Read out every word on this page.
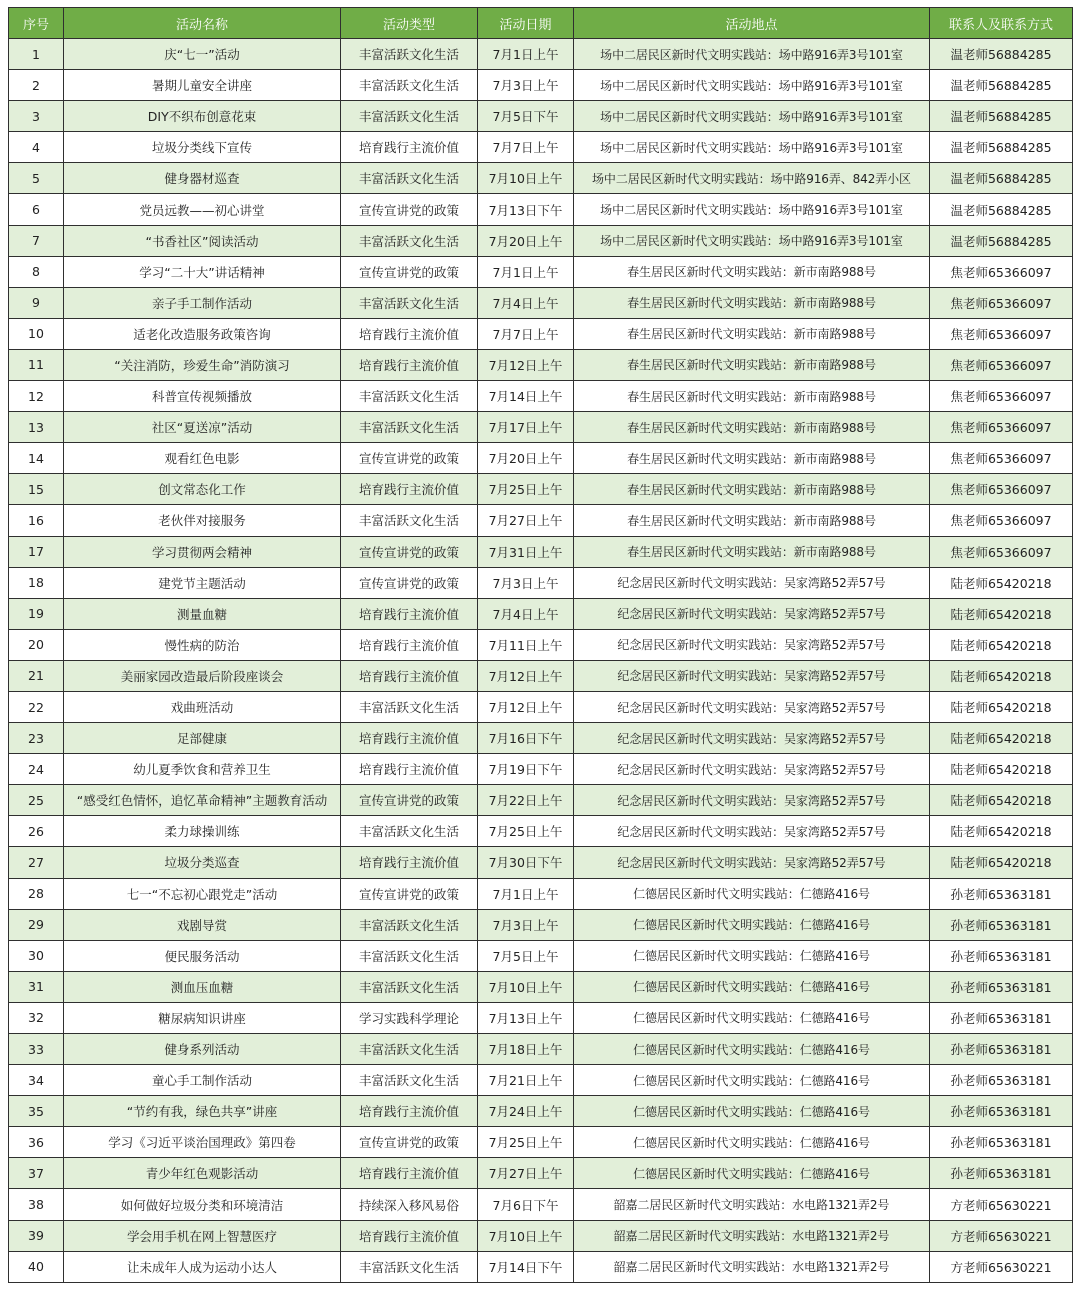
序号	活动名称	活动类型	活动日期	活动地点	联系人及联系方式
1	庆“七一”活动	丰富活跃文化生活	7月1日上午	场中二居民区新时代文明实践站：场中路916弄3号101室	温老师56884285
2	暑期儿童安全讲座	丰富活跃文化生活	7月3日上午	场中二居民区新时代文明实践站：场中路916弄3号101室	温老师56884285
3	DIY不织布创意花束	丰富活跃文化生活	7月5日下午	场中二居民区新时代文明实践站：场中路916弄3号101室	温老师56884285
4	垃圾分类线下宣传	培育践行主流价值	7月7日上午	场中二居民区新时代文明实践站：场中路916弄3号101室	温老师56884285
5	健身器材巡查	丰富活跃文化生活	7月10日上午	场中二居民区新时代文明实践站：场中路916弄、842弄小区	温老师56884285
6	党员远教——初心讲堂	宣传宣讲党的政策	7月13日下午	场中二居民区新时代文明实践站：场中路916弄3号101室	温老师56884285
7	“书香社区”阅读活动	丰富活跃文化生活	7月20日上午	场中二居民区新时代文明实践站：场中路916弄3号101室	温老师56884285
8	学习“二十大”讲话精神	宣传宣讲党的政策	7月1日上午	春生居民区新时代文明实践站：新市南路988号	焦老师65366097
9	亲子手工制作活动	丰富活跃文化生活	7月4日上午	春生居民区新时代文明实践站：新市南路988号	焦老师65366097
10	适老化改造服务政策咨询	培育践行主流价值	7月7日上午	春生居民区新时代文明实践站：新市南路988号	焦老师65366097
11	“关注消防，珍爱生命”消防演习	培育践行主流价值	7月12日上午	春生居民区新时代文明实践站：新市南路988号	焦老师65366097
12	科普宣传视频播放	丰富活跃文化生活	7月14日上午	春生居民区新时代文明实践站：新市南路988号	焦老师65366097
13	社区“夏送凉”活动	丰富活跃文化生活	7月17日上午	春生居民区新时代文明实践站：新市南路988号	焦老师65366097
14	观看红色电影	宣传宣讲党的政策	7月20日上午	春生居民区新时代文明实践站：新市南路988号	焦老师65366097
15	创文常态化工作	培育践行主流价值	7月25日上午	春生居民区新时代文明实践站：新市南路988号	焦老师65366097
16	老伙伴对接服务	丰富活跃文化生活	7月27日上午	春生居民区新时代文明实践站：新市南路988号	焦老师65366097
17	学习贯彻两会精神	宣传宣讲党的政策	7月31日上午	春生居民区新时代文明实践站：新市南路988号	焦老师65366097
18	建党节主题活动	宣传宣讲党的政策	7月3日上午	纪念居民区新时代文明实践站：吴家湾路52弄57号	陆老师65420218
19	测量血糖	培育践行主流价值	7月4日上午	纪念居民区新时代文明实践站：吴家湾路52弄57号	陆老师65420218
20	慢性病的防治	培育践行主流价值	7月11日上午	纪念居民区新时代文明实践站：吴家湾路52弄57号	陆老师65420218
21	美丽家园改造最后阶段座谈会	培育践行主流价值	7月12日上午	纪念居民区新时代文明实践站：吴家湾路52弄57号	陆老师65420218
22	戏曲班活动	丰富活跃文化生活	7月12日上午	纪念居民区新时代文明实践站：吴家湾路52弄57号	陆老师65420218
23	足部健康	培育践行主流价值	7月16日下午	纪念居民区新时代文明实践站：吴家湾路52弄57号	陆老师65420218
24	幼儿夏季饮食和营养卫生	培育践行主流价值	7月19日下午	纪念居民区新时代文明实践站：吴家湾路52弄57号	陆老师65420218
25	“感受红色情怀，追忆革命精神”主题教育活动	宣传宣讲党的政策	7月22日上午	纪念居民区新时代文明实践站：吴家湾路52弄57号	陆老师65420218
26	柔力球操训练	丰富活跃文化生活	7月25日上午	纪念居民区新时代文明实践站：吴家湾路52弄57号	陆老师65420218
27	垃圾分类巡查	培育践行主流价值	7月30日下午	纪念居民区新时代文明实践站：吴家湾路52弄57号	陆老师65420218
28	七一“不忘初心跟党走”活动	宣传宣讲党的政策	7月1日上午	仁德居民区新时代文明实践站：仁德路416号	孙老师65363181
29	戏剧导赏	丰富活跃文化生活	7月3日上午	仁德居民区新时代文明实践站：仁德路416号	孙老师65363181
30	便民服务活动	丰富活跃文化生活	7月5日上午	仁德居民区新时代文明实践站：仁德路416号	孙老师65363181
31	测血压血糖	丰富活跃文化生活	7月10日上午	仁德居民区新时代文明实践站：仁德路416号	孙老师65363181
32	糖尿病知识讲座	学习实践科学理论	7月13日上午	仁德居民区新时代文明实践站：仁德路416号	孙老师65363181
33	健身系列活动	丰富活跃文化生活	7月18日上午	仁德居民区新时代文明实践站：仁德路416号	孙老师65363181
34	童心手工制作活动	丰富活跃文化生活	7月21日上午	仁德居民区新时代文明实践站：仁德路416号	孙老师65363181
35	“节约有我，绿色共享”讲座	培育践行主流价值	7月24日上午	仁德居民区新时代文明实践站：仁德路416号	孙老师65363181
36	学习《习近平谈治国理政》第四卷	宣传宣讲党的政策	7月25日上午	仁德居民区新时代文明实践站：仁德路416号	孙老师65363181
37	青少年红色观影活动	培育践行主流价值	7月27日上午	仁德居民区新时代文明实践站：仁德路416号	孙老师65363181
38	如何做好垃圾分类和环境清洁	持续深入移风易俗	7月6日下午	韶嘉二居民区新时代文明实践站：水电路1321弄2号	方老师65630221
39	学会用手机在网上智慧医疗	培育践行主流价值	7月10日上午	韶嘉二居民区新时代文明实践站：水电路1321弄2号	方老师65630221
40	让未成年人成为运动小达人	丰富活跃文化生活	7月14日下午	韶嘉二居民区新时代文明实践站：水电路1321弄2号	方老师65630221
